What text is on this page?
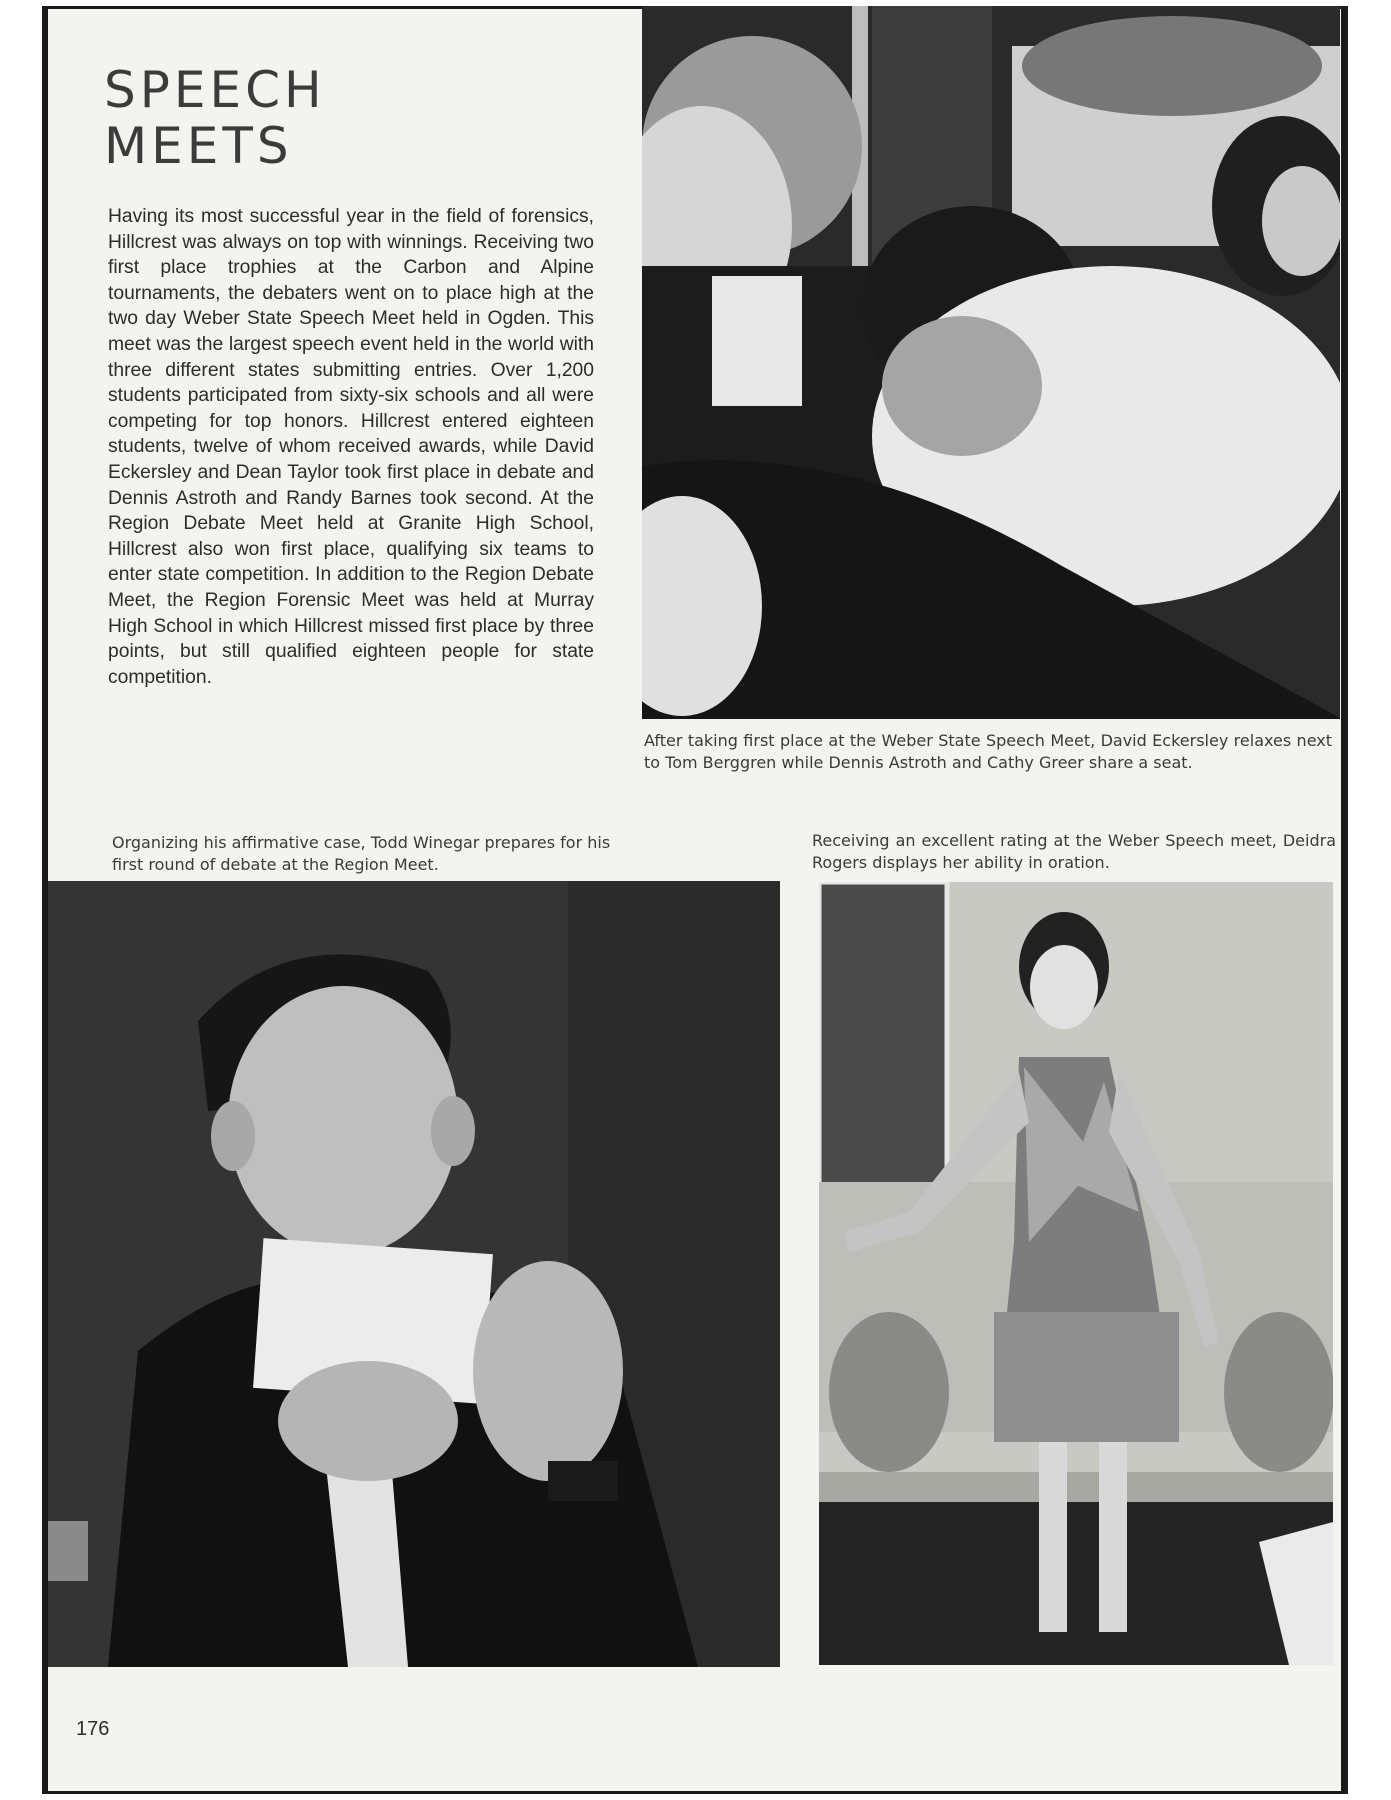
SPEECH
MEETS

Having its most successful year in the field of forensics, Hillcrest was always on top with winnings. Receiving two first place trophies at the Carbon and Alpine tournaments, the debaters went on to place high at the two day Weber State Speech Meet held in Ogden. This meet was the largest speech event held in the world with three different states submitting entries. Over 1,200 students participated from sixty-six schools and all were competing for top honors. Hillcrest entered eighteen students, twelve of whom received awards, while David Eckersley and Dean Taylor took first place in debate and Dennis Astroth and Randy Barnes took second. At the Region Debate Meet held at Granite High School, Hillcrest also won first place, qualifying six teams to enter state competition. In addition to the Region Debate Meet, the Region Forensic Meet was held at Murray High School in which Hillcrest missed first place by three points, but still qualified eighteen people for state competition.

After taking first place at the Weber State Speech Meet, David Eckersley relaxes next to Tom Berggren while Dennis Astroth and Cathy Greer share a seat.

Organizing his affirmative case, Todd Winegar prepares for his first round of debate at the Region Meet.

Receiving an excellent rating at the Weber Speech meet, Deidra Rogers displays her ability in oration.

176
